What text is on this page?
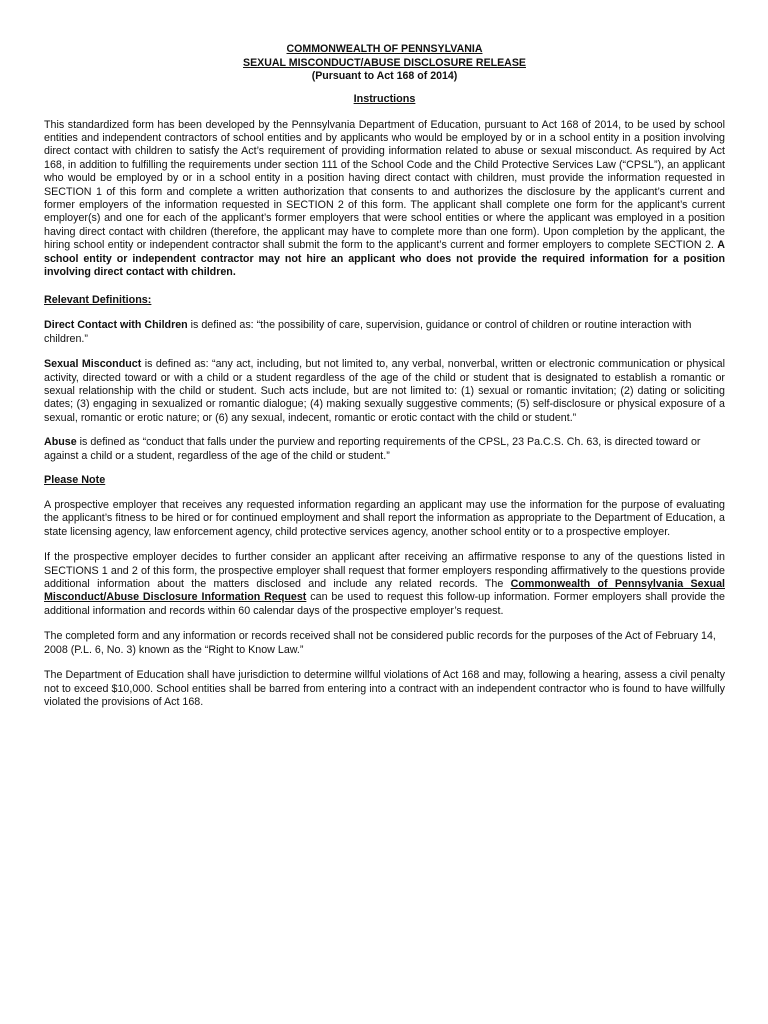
COMMONWEALTH OF PENNSYLVANIA
SEXUAL MISCONDUCT/ABUSE DISCLOSURE RELEASE
(Pursuant to Act 168 of 2014)
Instructions

This standardized form has been developed by the Pennsylvania Department of Education, pursuant to Act 168 of 2014, to be used by school entities and independent contractors of school entities and by applicants who would be employed by or in a school entity in a position involving direct contact with children to satisfy the Act’s requirement of providing information related to abuse or sexual misconduct. As required by Act 168, in addition to fulfilling the requirements under section 111 of the School Code and the Child Protective Services Law (“CPSL”), an applicant who would be employed by or in a school entity in a position having direct contact with children, must provide the information requested in SECTION 1 of this form and complete a written authorization that consents to and authorizes the disclosure by the applicant’s current and former employers of the information requested in SECTION 2 of this form. The applicant shall complete one form for the applicant’s current employer(s) and one for each of the applicant’s former employers that were school entities or where the applicant was employed in a position having direct contact with children (therefore, the applicant may have to complete more than one form). Upon completion by the applicant, the hiring school entity or independent contractor shall submit the form to the applicant’s current and former employers to complete SECTION 2. A school entity or independent contractor may not hire an applicant who does not provide the required information for a position involving direct contact with children.

Relevant Definitions:

Direct Contact with Children is defined as: “the possibility of care, supervision, guidance or control of children or routine interaction with children.”

Sexual Misconduct is defined as: “any act, including, but not limited to, any verbal, nonverbal, written or electronic communication or physical activity, directed toward or with a child or a student regardless of the age of the child or student that is designated to establish a romantic or sexual relationship with the child or student. Such acts include, but are not limited to: (1) sexual or romantic invitation; (2) dating or soliciting dates; (3) engaging in sexualized or romantic dialogue; (4) making sexually suggestive comments; (5) self-disclosure or physical exposure of a sexual, romantic or erotic nature; or (6) any sexual, indecent, romantic or erotic contact with the child or student.”

Abuse is defined as “conduct that falls under the purview and reporting requirements of the CPSL, 23 Pa.C.S. Ch. 63, is directed toward or against a child or a student, regardless of the age of the child or student.”

Please Note

A prospective employer that receives any requested information regarding an applicant may use the information for the purpose of evaluating the applicant’s fitness to be hired or for continued employment and shall report the information as appropriate to the Department of Education, a state licensing agency, law enforcement agency, child protective services agency, another school entity or to a prospective employer.

If the prospective employer decides to further consider an applicant after receiving an affirmative response to any of the questions listed in SECTIONS 1 and 2 of this form, the prospective employer shall request that former employers responding affirmatively to the questions provide additional information about the matters disclosed and include any related records. The Commonwealth of Pennsylvania Sexual Misconduct/Abuse Disclosure Information Request can be used to request this follow-up information. Former employers shall provide the additional information and records within 60 calendar days of the prospective employer’s request.

The completed form and any information or records received shall not be considered public records for the purposes of the Act of February 14, 2008 (P.L. 6, No. 3) known as the “Right to Know Law.”

The Department of Education shall have jurisdiction to determine willful violations of Act 168 and may, following a hearing, assess a civil penalty not to exceed $10,000. School entities shall be barred from entering into a contract with an independent contractor who is found to have willfully violated the provisions of Act 168.
